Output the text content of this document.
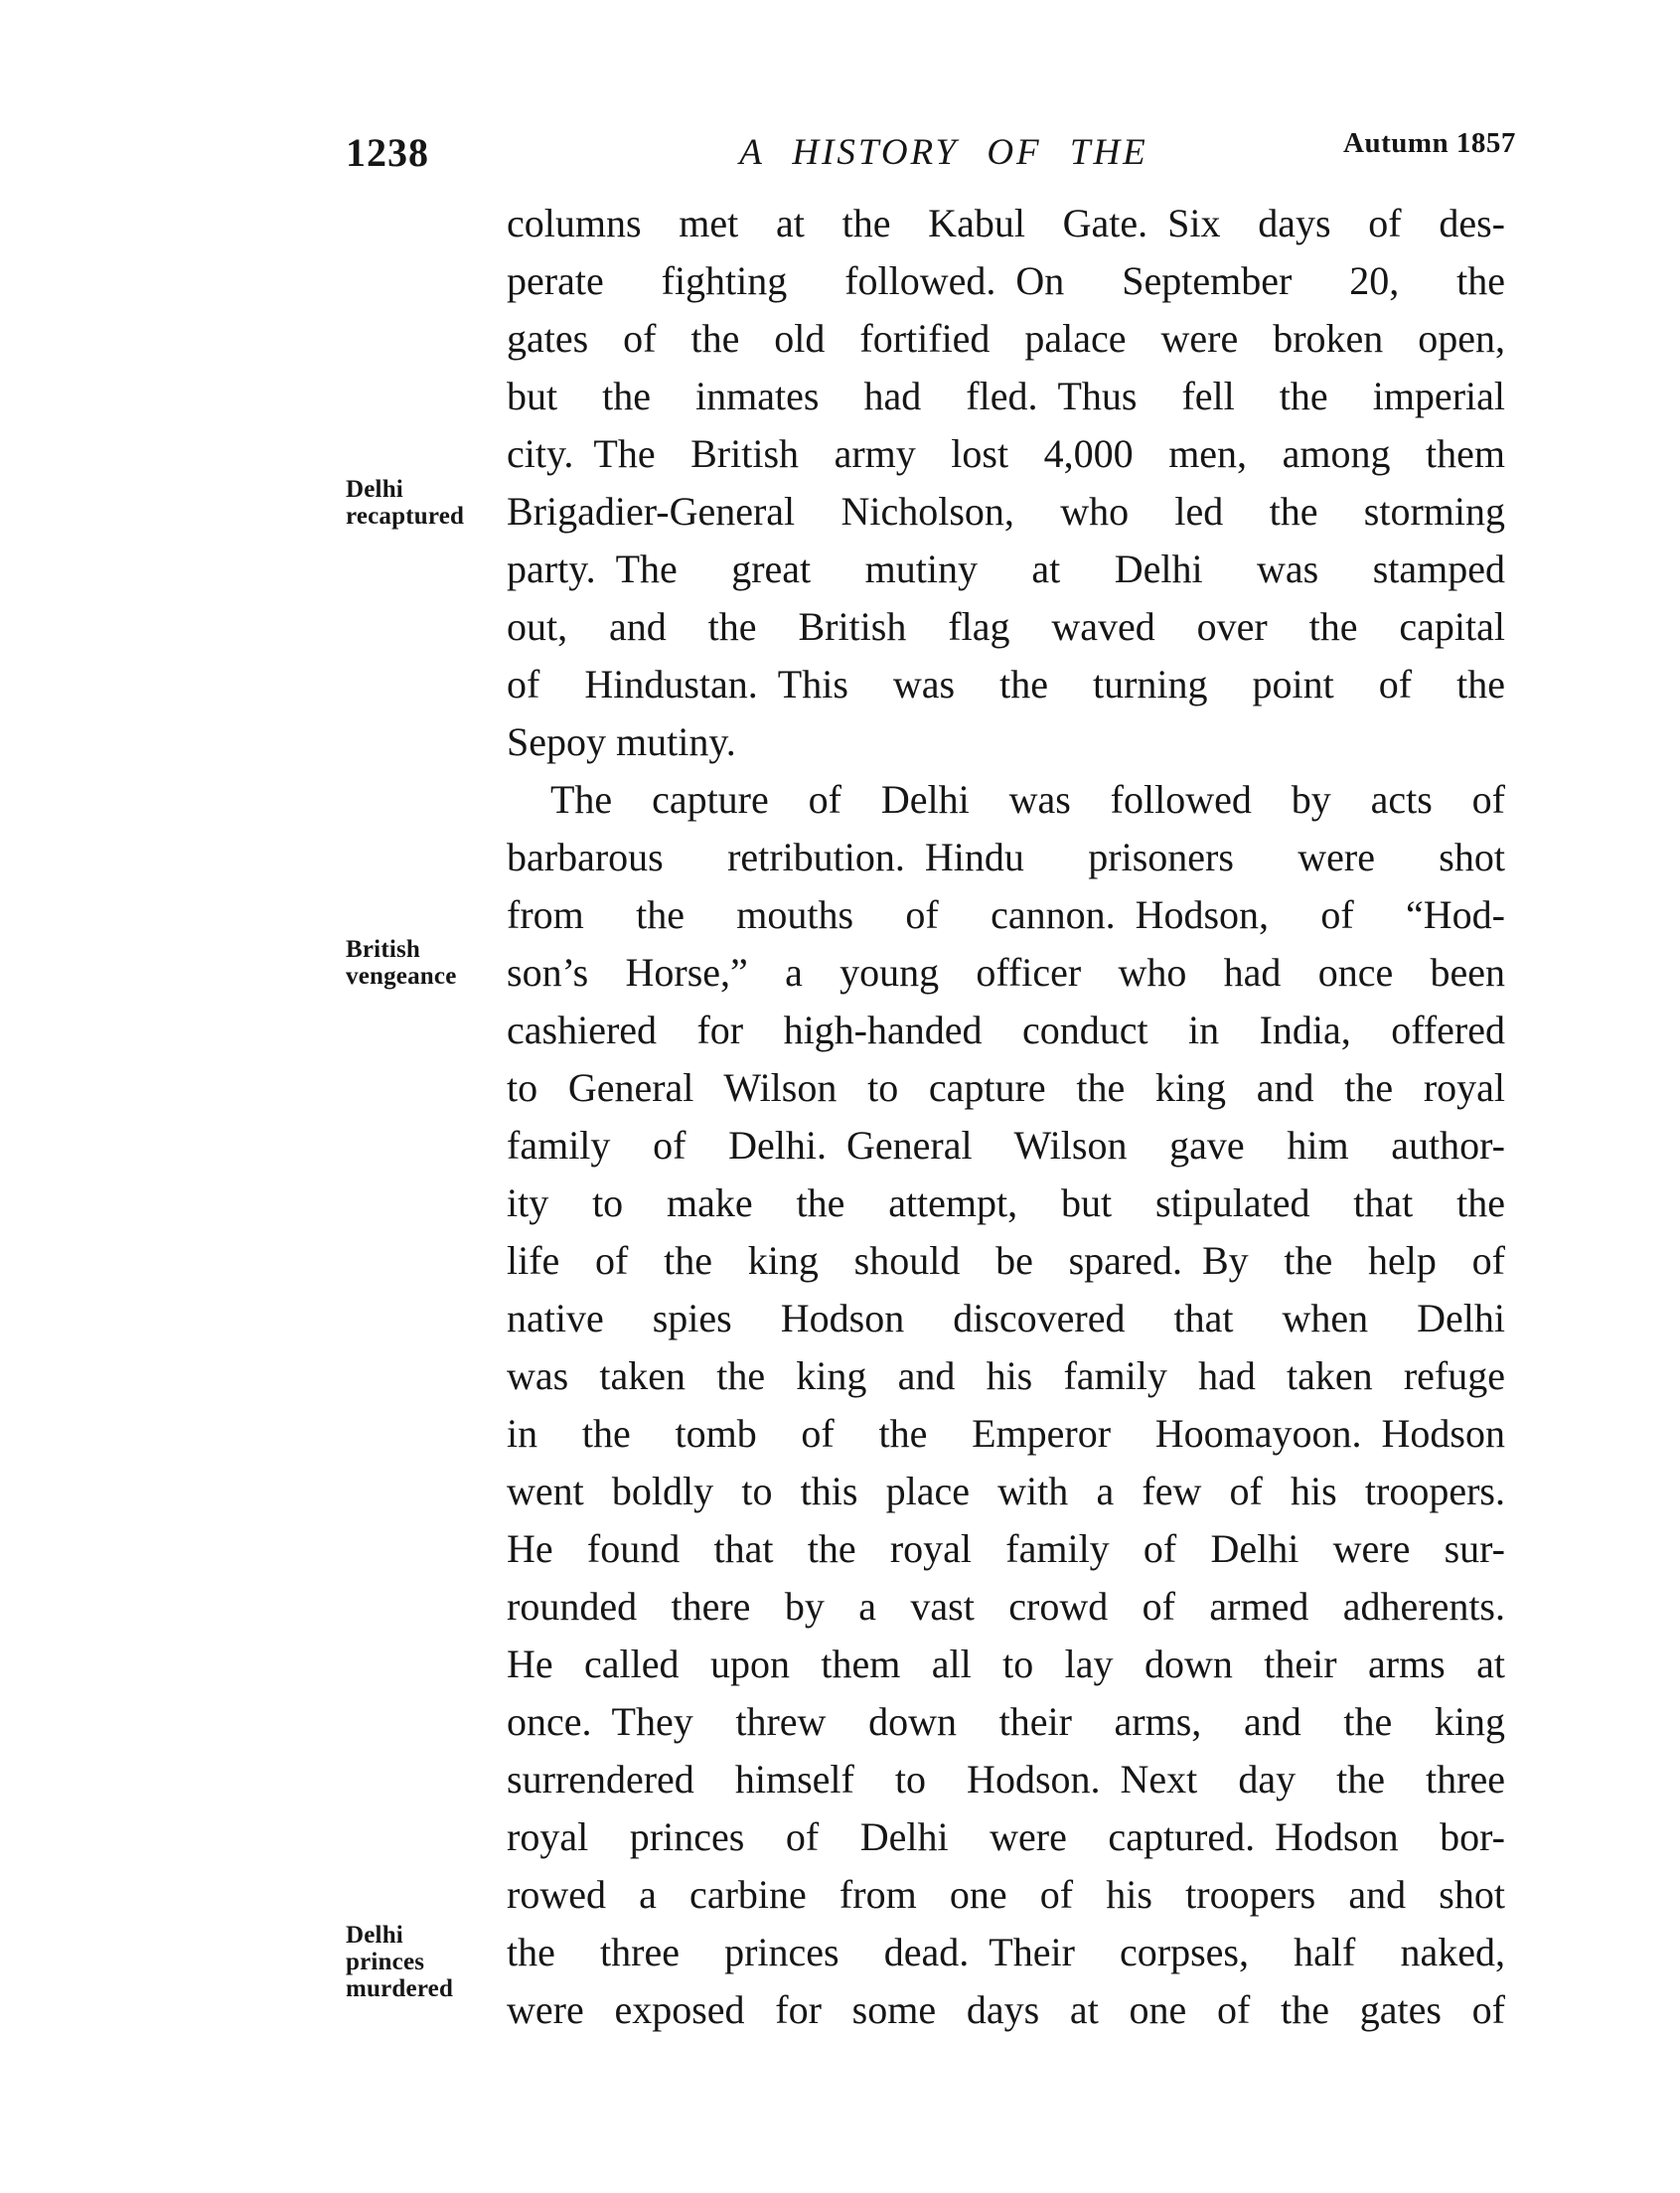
1238	A HISTORY OF THE	Autumn 1857
Delhi
recaptured
British
vengeance
Delhi
princes
murdered
columns met at the Kabul Gate. Six days of des-
perate fighting followed. On September 20, the
gates of the old fortified palace were broken open,
but the inmates had fled. Thus fell the imperial
city. The British army lost 4,000 men, among them
Brigadier-General Nicholson, who led the storming
party. The great mutiny at Delhi was stamped
out, and the British flag waved over the capital
of Hindustan. This was the turning point of the
Sepoy mutiny.
The capture of Delhi was followed by acts of
barbarous retribution. Hindu prisoners were shot
from the mouths of cannon. Hodson, of “Hod-
son’s Horse,” a young officer who had once been
cashiered for high-handed conduct in India, offered
to General Wilson to capture the king and the royal
family of Delhi. General Wilson gave him author-
ity to make the attempt, but stipulated that the
life of the king should be spared. By the help of
native spies Hodson discovered that when Delhi
was taken the king and his family had taken refuge
in the tomb of the Emperor Hoomayoon. Hodson
went boldly to this place with a few of his troopers.
He found that the royal family of Delhi were sur-
rounded there by a vast crowd of armed adherents.
He called upon them all to lay down their arms at
once. They threw down their arms, and the king
surrendered himself to Hodson. Next day the three
royal princes of Delhi were captured. Hodson bor-
rowed a carbine from one of his troopers and shot
the three princes dead. Their corpses, half naked,
were exposed for some days at one of the gates of
